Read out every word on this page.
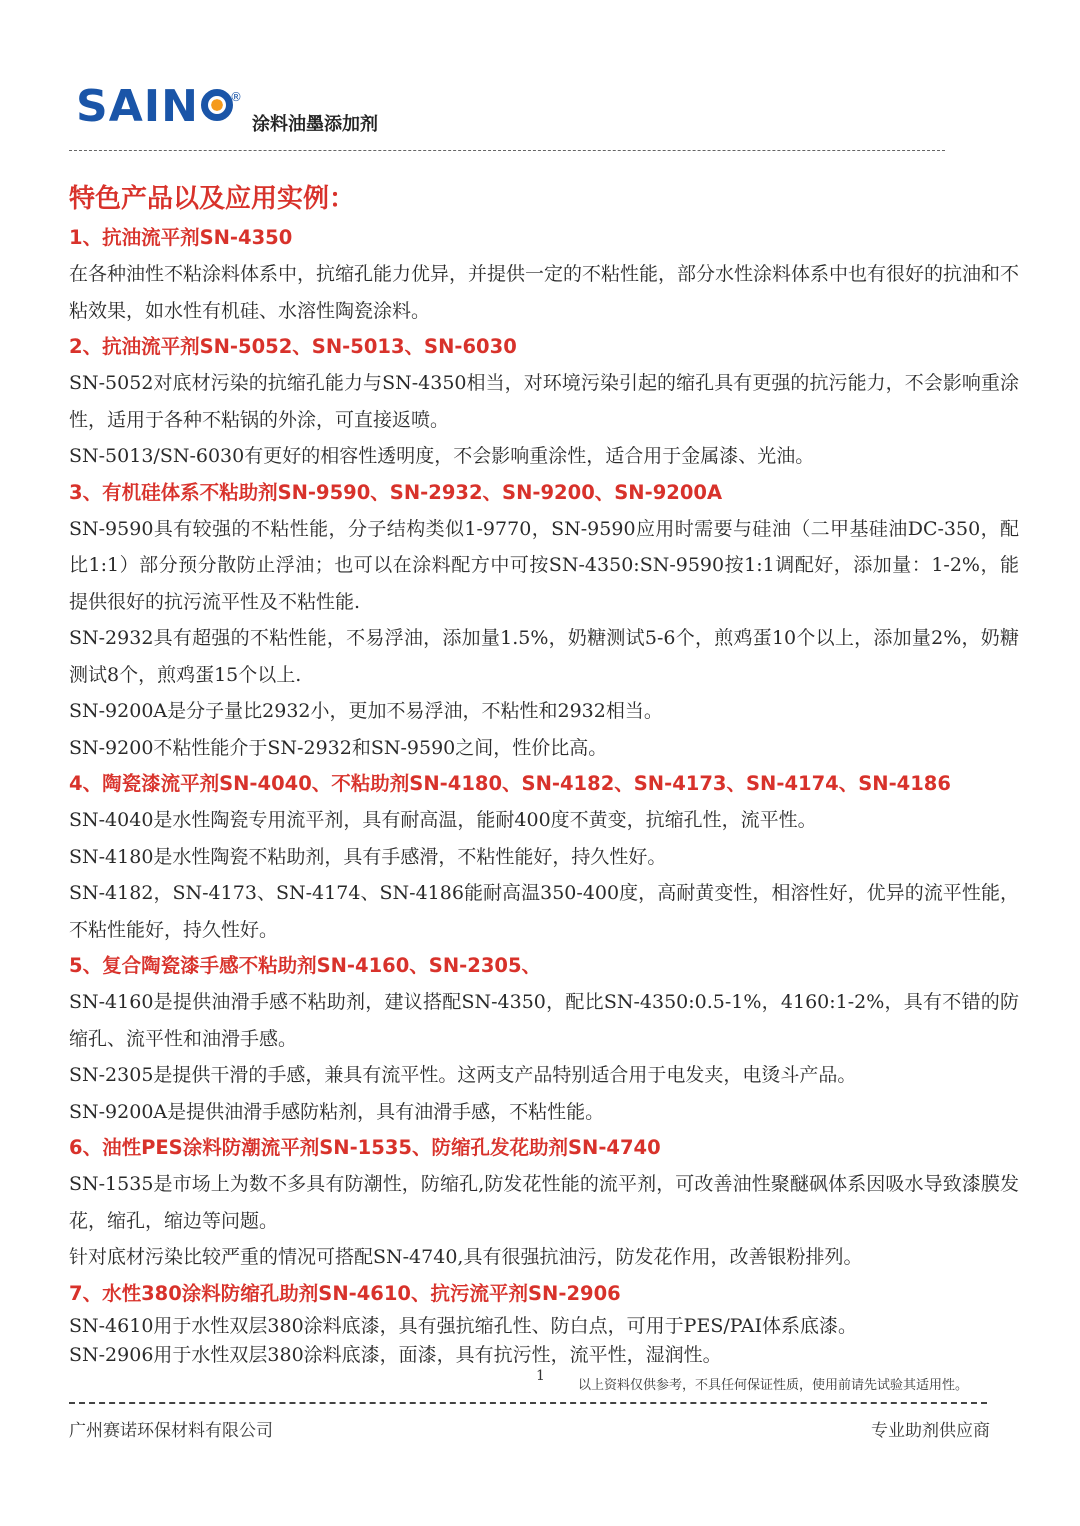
SAIN	®
涂料油墨添加剂
特色产品以及应用实例：
1、抗油流平剂SN-4350

在各种油性不粘涂料体系中，抗缩孔能力优异，并提供一定的不粘性能，部分水性涂料体系中也有很好的抗油和不粘效果，如水性有机硅、水溶性陶瓷涂料。

2、抗油流平剂SN-5052、SN-5013、SN-6030

SN-5052对底材污染的抗缩孔能力与SN-4350相当，对环境污染引起的缩孔具有更强的抗污能力，不会影响重涂性，适用于各种不粘锅的外涂，可直接返喷。

SN-5013/SN-6030有更好的相容性透明度，不会影响重涂性，适合用于金属漆、光油。

3、有机硅体系不粘助剂SN-9590、SN-2932、SN-9200、SN-9200A

SN-9590具有较强的不粘性能，分子结构类似1-9770，SN-9590应用时需要与硅油（二甲基硅油DC-350，配比1:1）部分预分散防止浮油；也可以在涂料配方中可按SN-4350:SN-9590按1:1调配好，添加量：1-2%，能提供很好的抗污流平性及不粘性能.

SN-2932具有超强的不粘性能，不易浮油，添加量1.5%，奶糖测试5-6个，煎鸡蛋10个以上，添加量2%，奶糖测试8个，煎鸡蛋15个以上.

SN-9200A是分子量比2932小，更加不易浮油，不粘性和2932相当。

SN-9200不粘性能介于SN-2932和SN-9590之间，性价比高。

4、陶瓷漆流平剂SN-4040、不粘助剂SN-4180、SN-4182、SN-4173、SN-4174、SN-4186

SN-4040是水性陶瓷专用流平剂，具有耐高温，能耐400度不黄变，抗缩孔性，流平性。

SN-4180是水性陶瓷不粘助剂，具有手感滑，不粘性能好，持久性好。

SN-4182，SN-4173、SN-4174、SN-4186能耐高温350-400度，高耐黄变性，相溶性好，优异的流平性能，不粘性能好，持久性好。

5、复合陶瓷漆手感不粘助剂SN-4160、SN-2305、

SN-4160是提供油滑手感不粘助剂，建议搭配SN-4350，配比SN-4350:0.5-1%，4160:1-2%，具有不错的防缩孔、流平性和油滑手感。

SN-2305是提供干滑的手感，兼具有流平性。这两支产品特别适合用于电发夹，电烫斗产品。

SN-9200A是提供油滑手感防粘剂，具有油滑手感，不粘性能。

6、油性PES涂料防潮流平剂SN-1535、防缩孔发花助剂SN-4740

SN-1535是市场上为数不多具有防潮性，防缩孔,防发花性能的流平剂，可改善油性聚醚砜体系因吸水导致漆膜发花，缩孔，缩边等问题。

针对底材污染比较严重的情况可搭配SN-4740,具有很强抗油污，防发花作用，改善银粉排列。

7、水性380涂料防缩孔助剂SN-4610、抗污流平剂SN-2906

SN-4610用于水性双层380涂料底漆，具有强抗缩孔性、防白点，可用于PES/PAI体系底漆。

SN-2906用于水性双层380涂料底漆，面漆，具有抗污性，流平性，湿润性。

1
以上资料仅供参考，不具任何保证性质，使用前请先试验其适用性。
广州赛诺环保材料有限公司	专业助剂供应商
